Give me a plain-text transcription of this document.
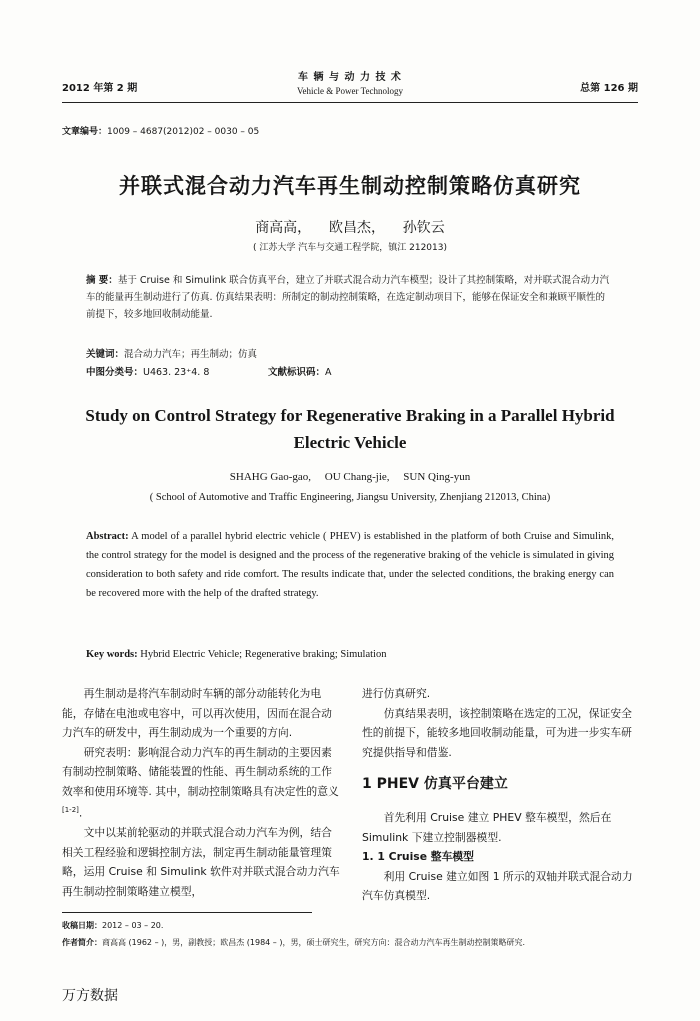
2012 年第 2 期
车 辆 与 动 力 技 术
Vehicle & Power Technology	总第 126 期
文章编号：1009 – 4687(2012)02 – 0030 – 05
并联式混合动力汽车再生制动控制策略仿真研究
商高高，    欧昌杰，    孙钦云
( 江苏大学 汽车与交通工程学院，镇江 212013)
摘 要：基于 Cruise 和 Simulink 联合仿真平台，建立了并联式混合动力汽车模型；设计了其控制策略，对并联式混合动力汽车的能量再生制动进行了仿真. 仿真结果表明：所制定的制动控制策略，在选定制动项目下，能够在保证安全和兼顾平顺性的前提下，较多地回收制动能量.
关键词：混合动力汽车；再生制动；仿真
中图分类号：U463. 23⁺4. 8	文献标识码：A
Study on Control Strategy for Regenerative Braking in a Parallel Hybrid Electric Vehicle
SHAHG Gao-gao,     OU Chang-jie,     SUN Qing-yun
( School of Automotive and Traffic Engineering, Jiangsu University, Zhenjiang 212013, China)
Abstract: A model of a parallel hybrid electric vehicle ( PHEV) is established in the platform of both Cruise and Simulink, the control strategy for the model is designed and the process of the regenerative braking of the vehicle is simulated in giving consideration to both safety and ride comfort. The results indicate that, under the selected conditions, the braking energy can be recovered more with the help of the drafted strategy.
Key words: Hybrid Electric Vehicle; Regenerative braking; Simulation

再生制动是将汽车制动时车辆的部分动能转化为电能，存储在电池或电容中，可以再次使用，因而在混合动力汽车的研发中，再生制动成为一个重要的方向.

研究表明：影响混合动力汽车的再生制动的主要因素有制动控制策略、储能装置的性能、再生制动系统的工作效率和使用环境等. 其中，制动控制策略具有决定性的意义[1-2].

文中以某前轮驱动的并联式混合动力汽车为例，结合相关工程经验和逻辑控制方法，制定再生制动能量管理策略，运用 Cruise 和 Simulink 软件对并联式混合动力汽车再生制动控制策略建立模型，

进行仿真研究.

仿真结果表明，该控制策略在选定的工况，保证安全性的前提下，能较多地回收制动能量，可为进一步实车研究提供指导和借鉴.

1 PHEV 仿真平台建立

首先利用 Cruise 建立 PHEV 整车模型，然后在 Simulink 下建立控制器模型.

1. 1 Cruise 整车模型

利用 Cruise 建立如图 1 所示的双轴并联式混合动力汽车仿真模型.

收稿日期：2012 – 03 – 20.
作者简介：商高高 (1962 – )，男，副教授；欧昌杰 (1984 – )，男，硕士研究生，研究方向：混合动力汽车再生制动控制策略研究.
万方数据
